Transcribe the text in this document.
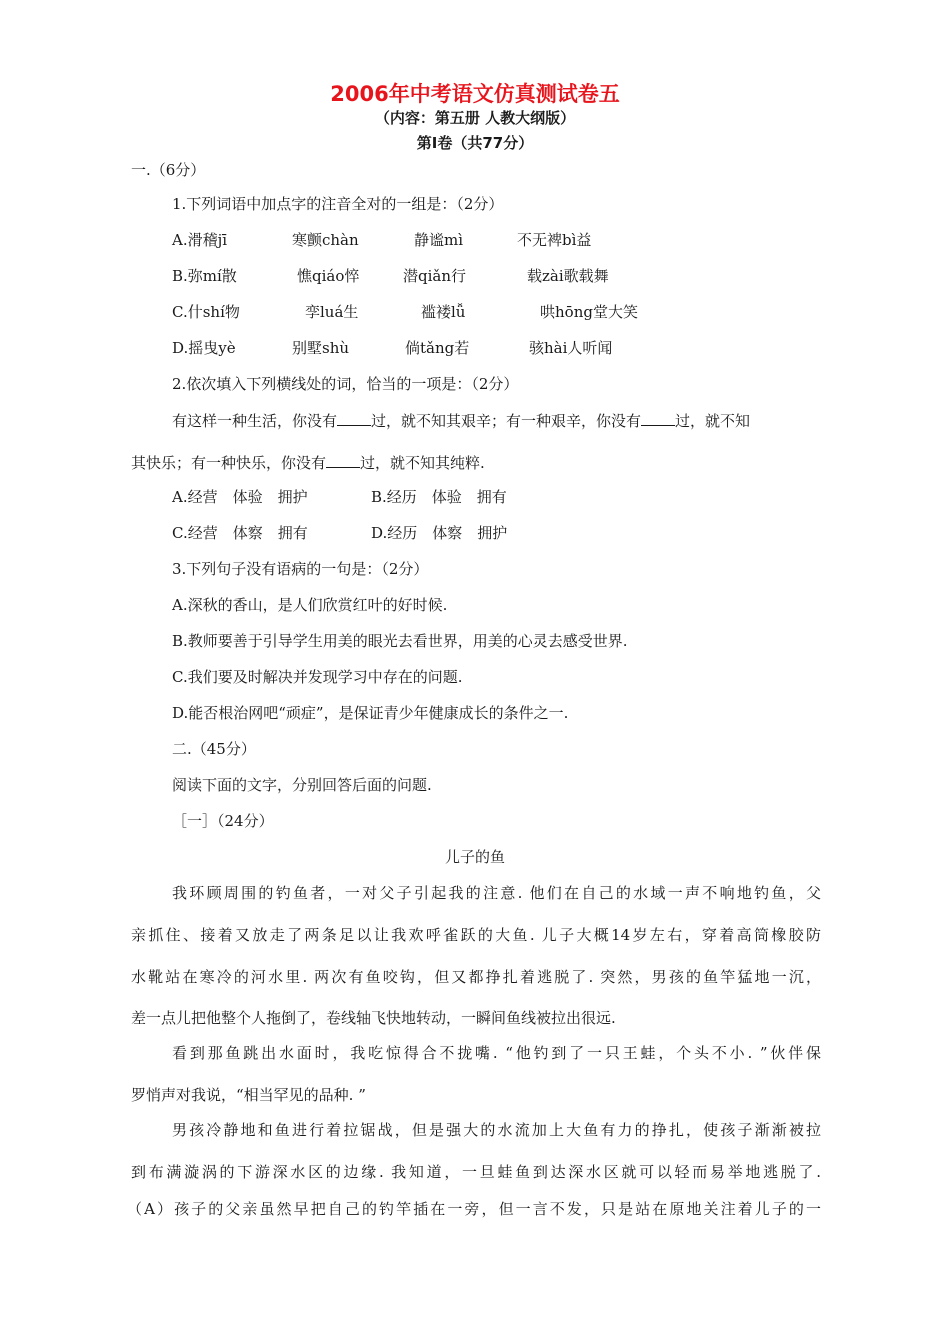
2006年中考语文仿真测试卷五
（内容：第五册 人教大纲版）
第Ⅰ卷（共77分）
一.（6分）
1.下列词语中加点字的注音全对的一组是：（2分）
A.滑稽jī	寒颤chàn	静谧mì	不无裨bì益
B.弥mí散	憔qiáo悴	潜qiǎn行	载zài歌载舞
C.什shí物	孪luá生	褴褛lǚ	哄hōng堂大笑
D.摇曳yè	别墅shù	倘tǎng若	骇hài人听闻
2.依次填入下列横线处的词，恰当的一项是：（2分）
有这样一种生活，你没有 过，就不知其艰辛；有一种艰辛，你没有 过，就不知
其快乐；有一种快乐，你没有 过，就不知其纯粹.
A.经营　体验　拥护	B.经历　体验　拥有
C.经营　体察　拥有	D.经历　体察　拥护
3.下列句子没有语病的一句是：（2分）
A.深秋的香山，是人们欣赏红叶的好时候.
B.教师要善于引导学生用美的眼光去看世界，用美的心灵去感受世界.
C.我们要及时解决并发现学习中存在的问题.
D.能否根治网吧“顽症”，是保证青少年健康成长的条件之一.
二.（45分）
阅读下面的文字，分别回答后面的问题.
［一］（24分）
儿子的鱼
我环顾周围的钓鱼者，一对父子引起我的注意. 他们在自己的水域一声不响地钓鱼，父
亲抓住、接着又放走了两条足以让我欢呼雀跃的大鱼. 儿子大概14岁左右，穿着高筒橡胶防
水靴站在寒冷的河水里. 两次有鱼咬钩，但又都挣扎着逃脱了. 突然，男孩的鱼竿猛地一沉，
差一点儿把他整个人拖倒了，卷线轴飞快地转动，一瞬间鱼线被拉出很远.
看到那鱼跳出水面时，我吃惊得合不拢嘴. “他钓到了一只王蛙，个头不小. ”伙伴保
罗悄声对我说，“相当罕见的品种. ”
男孩冷静地和鱼进行着拉锯战，但是强大的水流加上大鱼有力的挣扎，使孩子渐渐被拉
到布满漩涡的下游深水区的边缘. 我知道，一旦蛙鱼到达深水区就可以轻而易举地逃脱了.
（A）孩子的父亲虽然早把自己的钓竿插在一旁，但一言不发，只是站在原地关注着儿子的一
